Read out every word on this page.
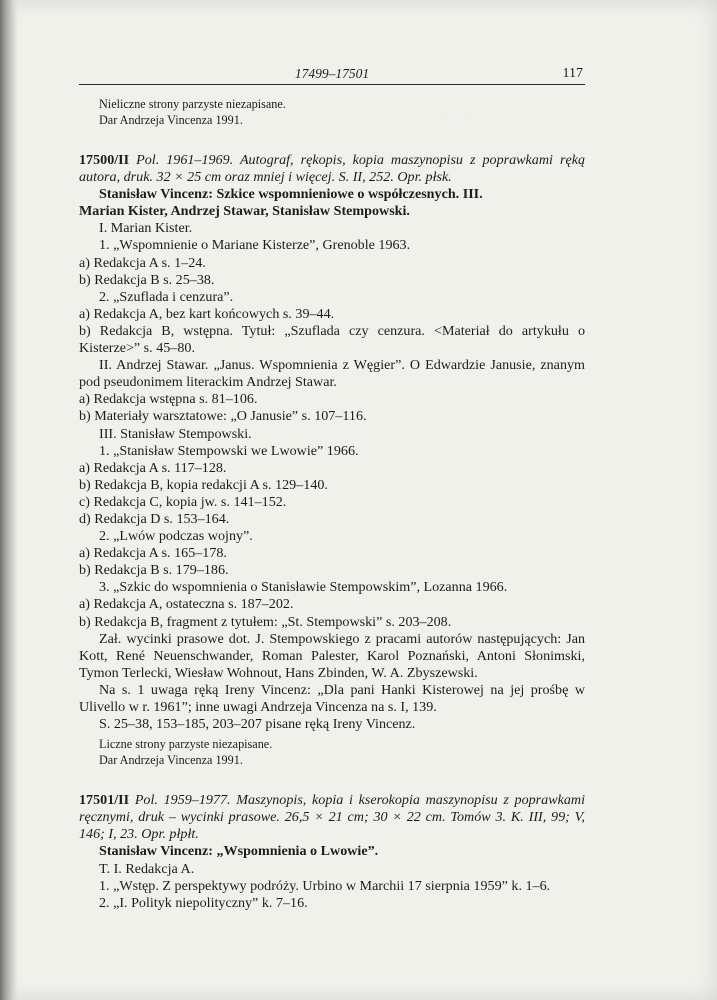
· · · · · · · · · · · · ·
17499–17501	117

Nieliczne strony parzyste niezapisane.

Dar Andrzeja Vincenza 1991.

17500/II Pol. 1961–1969. Autograf, rękopis, kopia maszynopisu z poprawkami ręką autora, druk. 32 × 25 cm oraz mniej i więcej. S. II, 252. Opr. płsk.

Stanisław Vincenz: Szkice wspomnieniowe o współczesnych. III.

Marian Kister, Andrzej Stawar, Stanisław Stempowski.

I. Marian Kister.

1. „Wspomnienie o Mariane Kisterze”, Grenoble 1963.

a) Redakcja A s. 1–24.

b) Redakcja B s. 25–38.

2. „Szuflada i cenzura”.

a) Redakcja A, bez kart końcowych s. 39–44.

b) Redakcja B, wstępna. Tytuł: „Szuflada czy cenzura. <Materiał do artykułu o Kisterze>” s. 45–80.

II. Andrzej Stawar. „Janus. Wspomnienia z Węgier”. O Edwardzie Janusie, znanym pod pseudonimem literackim Andrzej Stawar.

a) Redakcja wstępna s. 81–106.

b) Materiały warsztatowe: „O Janusie” s. 107–116.

III. Stanisław Stempowski.

1. „Stanisław Stempowski we Lwowie” 1966.

a) Redakcja A s. 117–128.

b) Redakcja B, kopia redakcji A s. 129–140.

c) Redakcja C, kopia jw. s. 141–152.

d) Redakcja D s. 153–164.

2. „Lwów podczas wojny”.

a) Redakcja A s. 165–178.

b) Redakcja B s. 179–186.

3. „Szkic do wspomnienia o Stanisławie Stempowskim”, Lozanna 1966.

a) Redakcja A, ostateczna s. 187–202.

b) Redakcja B, fragment z tytułem: „St. Stempowski” s. 203–208.

Zał. wycinki prasowe dot. J. Stempowskiego z pracami autorów następujących: Jan Kott, René Neuenschwander, Roman Palester, Karol Poznański, Antoni Słonimski, Tymon Terlecki, Wiesław Wohnout, Hans Zbinden, W. A. Zbyszewski.

Na s. 1 uwaga ręką Ireny Vincenz: „Dla pani Hanki Kisterowej na jej prośbę w Ulivello w r. 1961”; inne uwagi Andrzeja Vincenza na s. I, 139.

S. 25–38, 153–185, 203–207 pisane ręką Ireny Vincenz.

Liczne strony parzyste niezapisane.

Dar Andrzeja Vincenza 1991.

17501/II Pol. 1959–1977. Maszynopis, kopia i kserokopia maszynopisu z poprawkami ręcznymi, druk – wycinki prasowe. 26,5 × 21 cm; 30 × 22 cm. Tomów 3. K. III, 99; V, 146; I, 23. Opr. płpłt.

Stanisław Vincenz: „Wspomnienia o Lwowie”.

T. I. Redakcja A.

1. „Wstęp. Z perspektywy podróży. Urbino w Marchii 17 sierpnia 1959” k. 1–6.

2. „I. Polityk niepolityczny” k. 7–16.
